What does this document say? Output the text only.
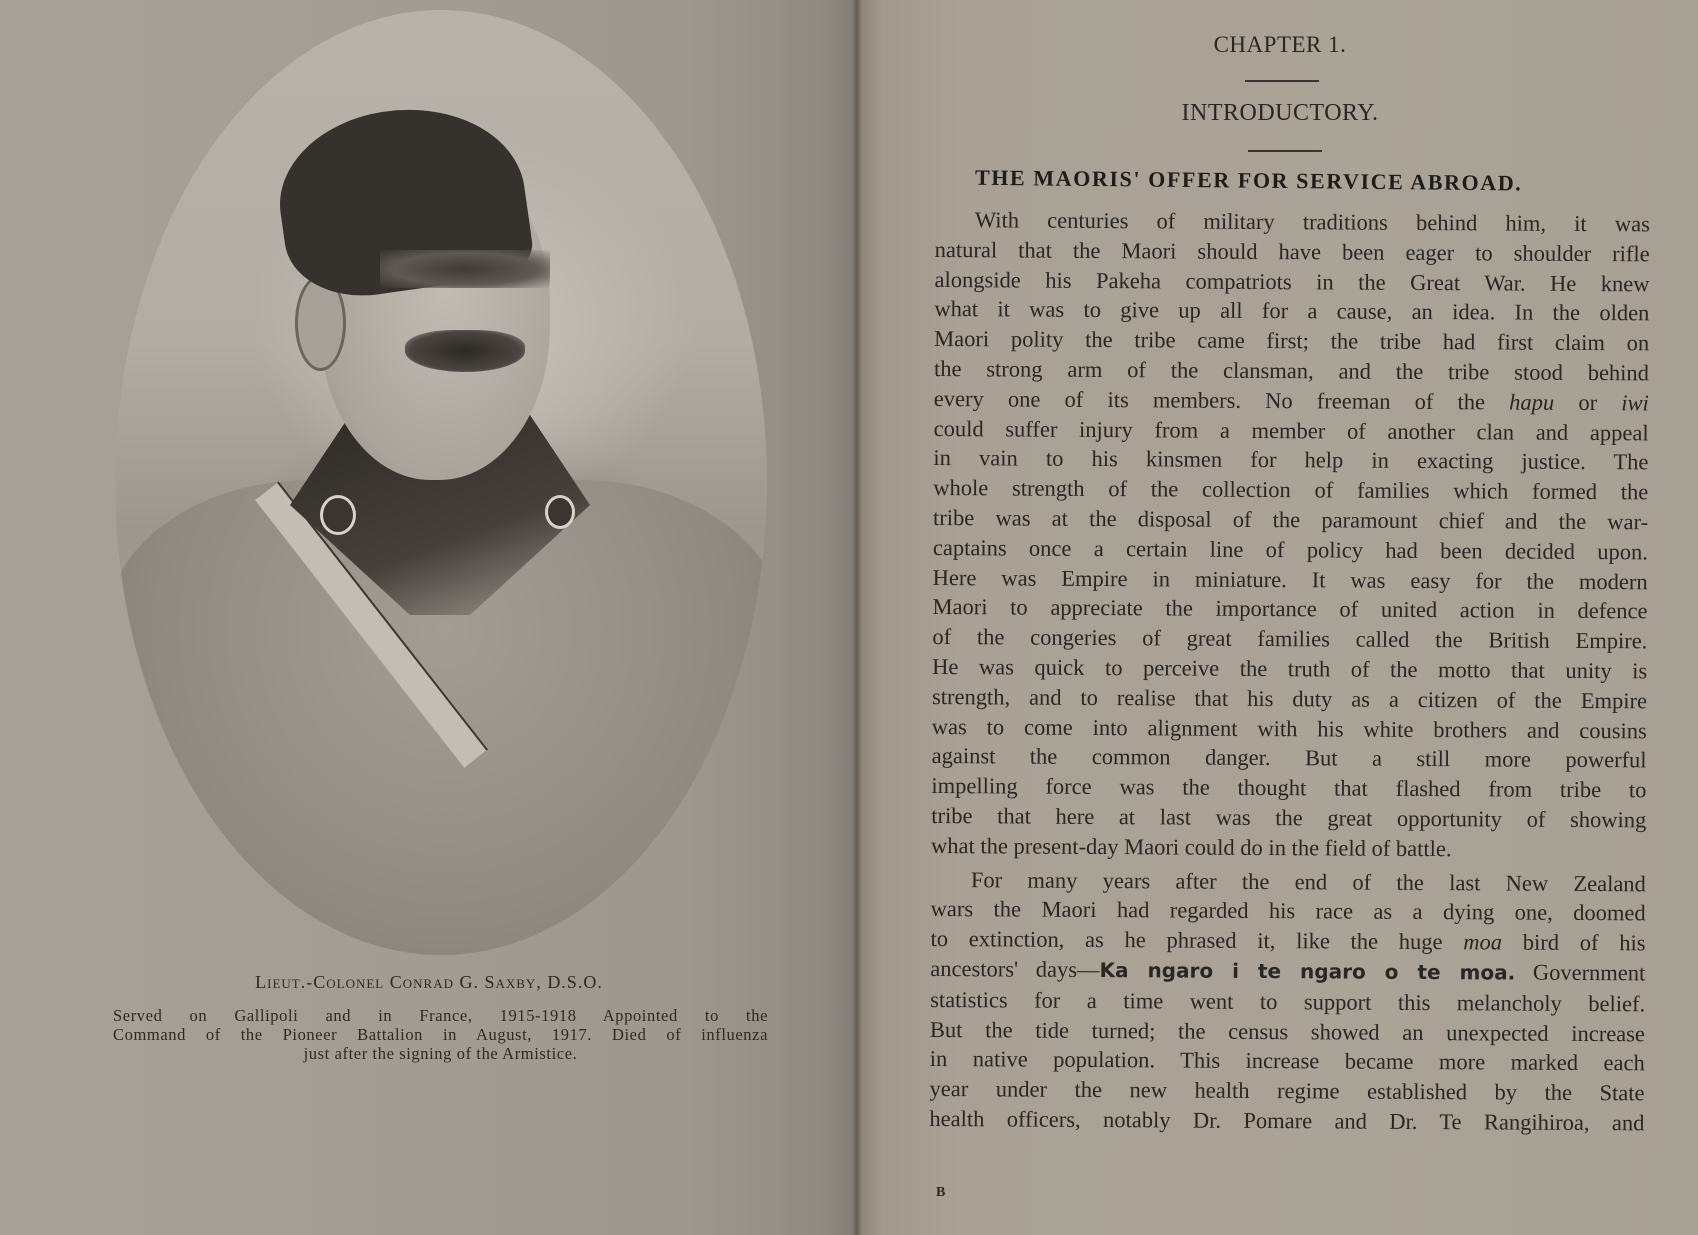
Lieut.-Colonel Conrad G. Saxby, D.S.O.
Served on Gallipoli and in France, 1915-1918 Appointed to the
Command of the Pioneer Battalion in August, 1917. Died of influenza
just after the signing of the Armistice.
CHAPTER 1.
INTRODUCTORY.
THE MAORIS' OFFER FOR SERVICE ABROAD.
With centuries of military traditions behind him, it was
natural that the Maori should have been eager to shoulder rifle
alongside his Pakeha compatriots in the Great War. He knew
what it was to give up all for a cause, an idea. In the olden
Maori polity the tribe came first; the tribe had first claim on
the strong arm of the clansman, and the tribe stood behind
every one of its members. No freeman of the hapu or iwi
could suffer injury from a member of another clan and appeal
in vain to his kinsmen for help in exacting justice. The
whole strength of the collection of families which formed the
tribe was at the disposal of the paramount chief and the war-
captains once a certain line of policy had been decided upon.
Here was Empire in miniature. It was easy for the modern
Maori to appreciate the importance of united action in defence
of the congeries of great families called the British Empire.
He was quick to perceive the truth of the motto that unity is
strength, and to realise that his duty as a citizen of the Empire
was to come into alignment with his white brothers and cousins
against the common danger. But a still more powerful
impelling force was the thought that flashed from tribe to
tribe that here at last was the great opportunity of showing
what the present-day Maori could do in the field of battle.
For many years after the end of the last New Zealand
wars the Maori had regarded his race as a dying one, doomed
to extinction, as he phrased it, like the huge moa bird of his
ancestors' days—Ka ngaro i te ngaro o te moa. Government
statistics for a time went to support this melancholy belief.
But the tide turned; the census showed an unexpected increase
in native population. This increase became more marked each
year under the new health regime established by the State
health officers, notably Dr. Pomare and Dr. Te Rangihiroa, and
B
